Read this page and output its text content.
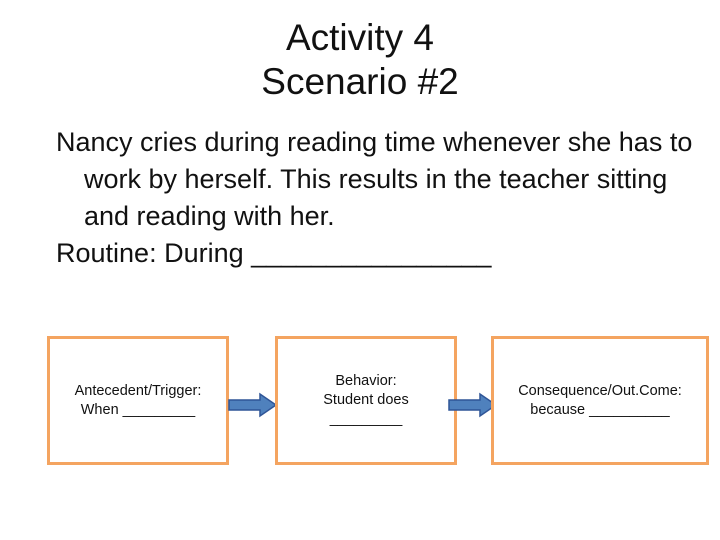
Activity 4
Scenario #2
Nancy cries during reading time whenever she has to work by herself. This results in the teacher sitting and reading with her.
Routine: During ________________
Antecedent/Trigger:
When _________
Behavior:
Student does
_________
Consequence/Out.Come:
because __________
